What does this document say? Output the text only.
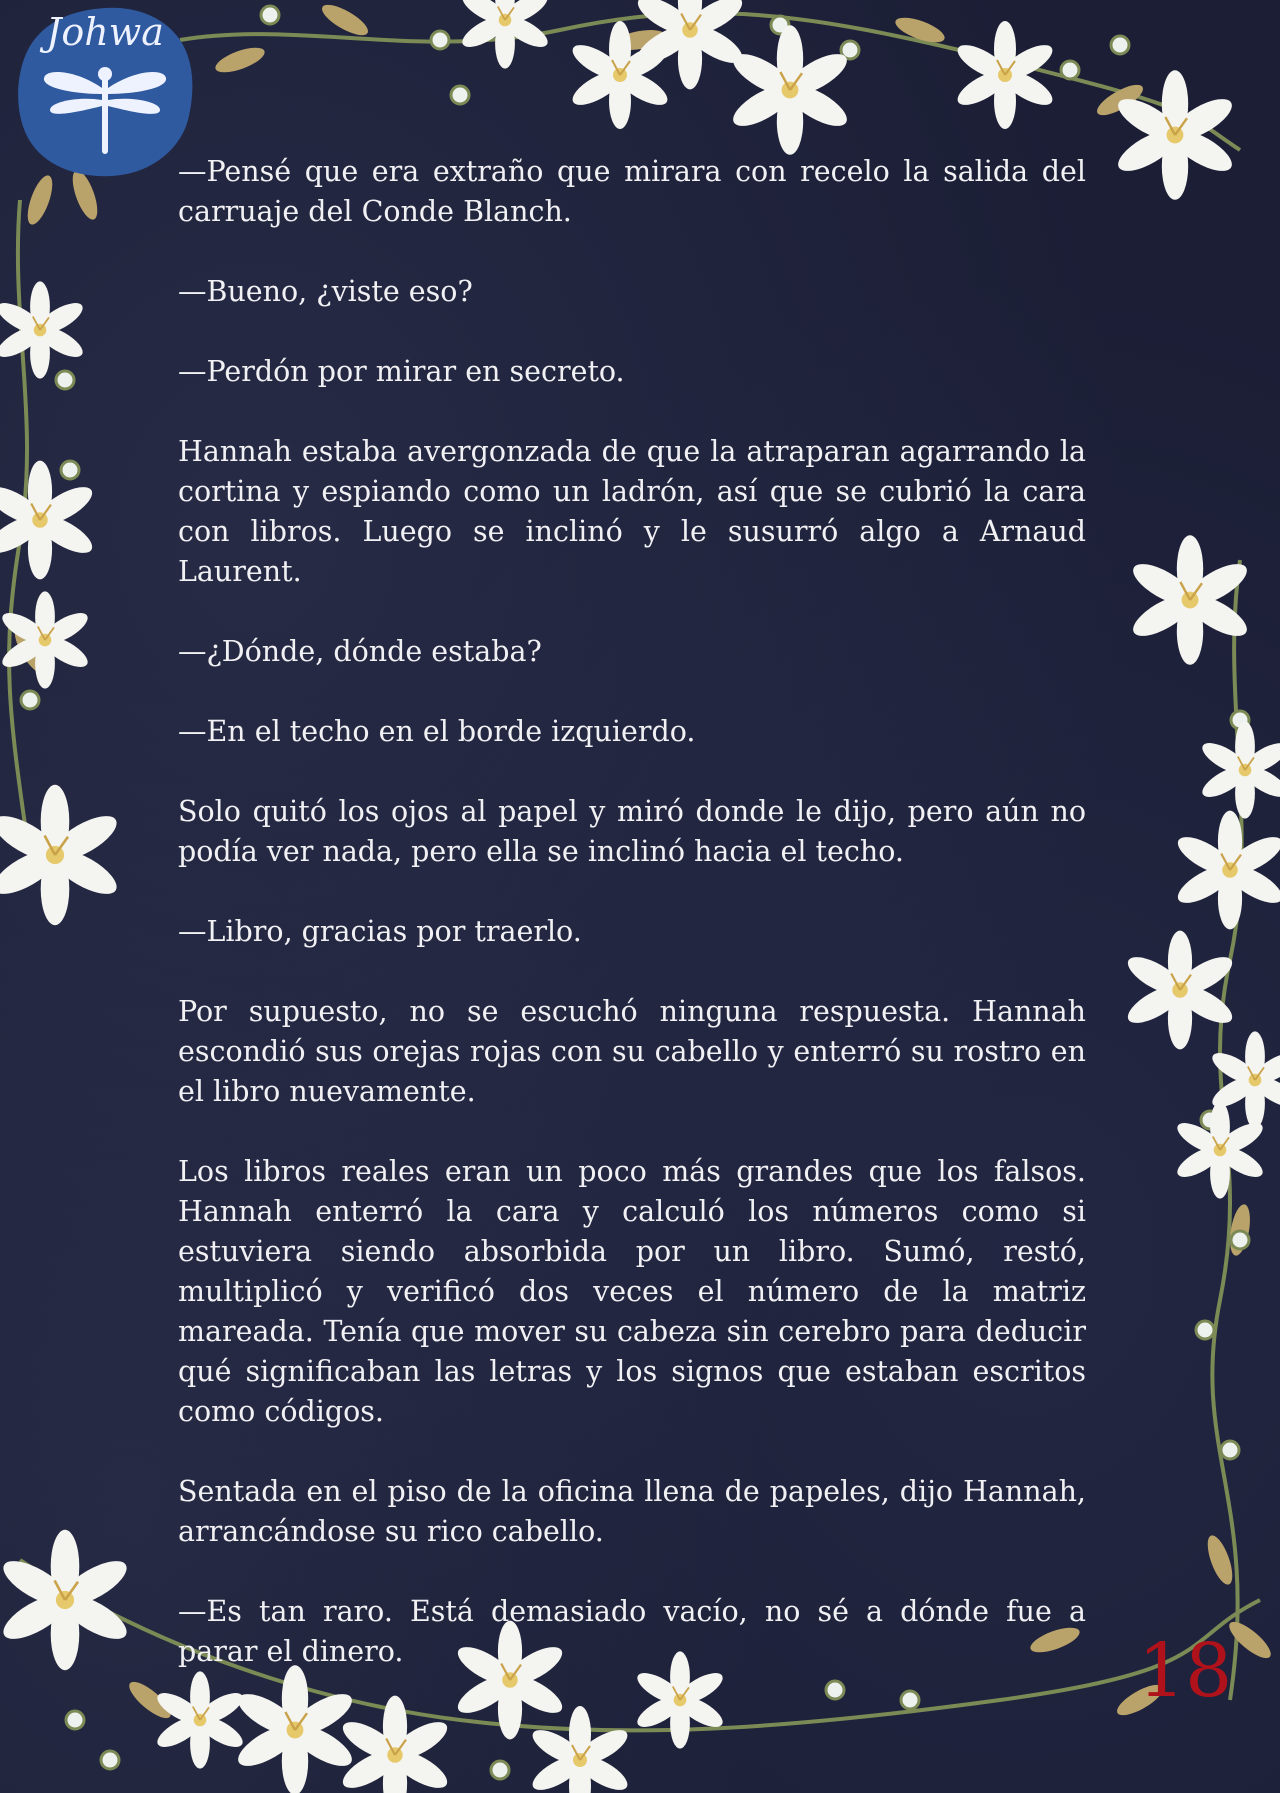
Johwa

—Pensé que era extraño que mirara con recelo la salida del carruaje del Conde Blanch.

—Bueno, ¿viste eso?

—Perdón por mirar en secreto.

Hannah estaba avergonzada de que la atraparan agarrando la cortina y espiando como un ladrón, así que se cubrió la cara con libros. Luego se inclinó y le susurró algo a Arnaud Laurent.

—¿Dónde, dónde estaba?

—En el techo en el borde izquierdo.

Solo quitó los ojos al papel y miró donde le dijo, pero aún no podía ver nada, pero ella se inclinó hacia el techo.

—Libro, gracias por traerlo.

Por supuesto, no se escuchó ninguna respuesta. Hannah escondió sus orejas rojas con su cabello y enterró su rostro en el libro nuevamente.

Los libros reales eran un poco más grandes que los falsos. Hannah enterró la cara y calculó los números como si estuviera siendo absorbida por un libro. Sumó, restó, multiplicó y verificó dos veces el número de la matriz mareada. Tenía que mover su cabeza sin cerebro para deducir qué significaban las letras y los signos que estaban escritos como códigos.

Sentada en el piso de la oficina llena de papeles, dijo Hannah, arrancándose su rico cabello.

—Es tan raro. Está demasiado vacío, no sé a dónde fue a parar el dinero.	18
